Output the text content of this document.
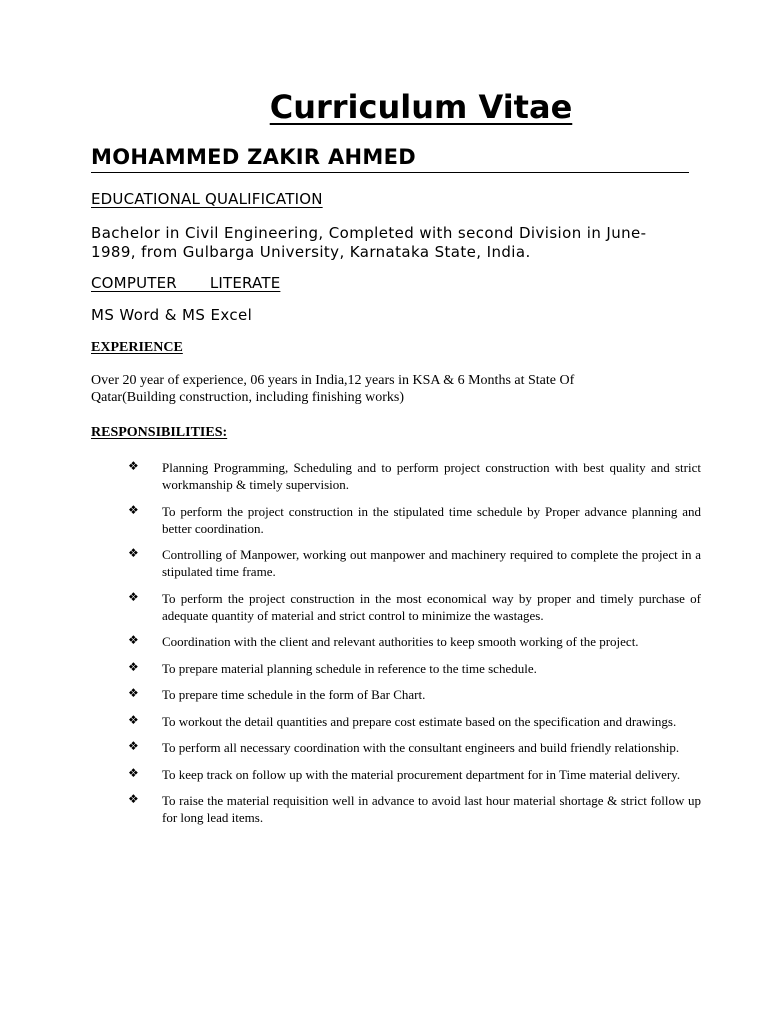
Curriculum Vitae
MOHAMMED ZAKIR AHMED
EDUCATIONAL QUALIFICATION
Bachelor in Civil Engineering, Completed with second Division in June-1989, from Gulbarga University, Karnataka State, India.
COMPUTER   LITERATE
MS Word & MS Excel
EXPERIENCE
Over 20 year of experience, 06 years in India,12 years in KSA & 6 Months at State Of Qatar(Building construction, including finishing works)
RESPONSIBILITIES:
❖ Planning Programming, Scheduling and to perform project construction with best quality and strict workmanship & timely supervision.
❖ To perform the project construction in the stipulated time schedule by Proper advance planning and better coordination.
❖ Controlling of Manpower, working out manpower and machinery required to complete the project in a stipulated time frame.
❖ To perform the project construction in the most economical way by proper and timely purchase of adequate quantity of material and strict control to minimize the wastages.
❖ Coordination with the client and relevant authorities to keep smooth working of the project.
❖ To prepare material planning schedule in reference to the time schedule.
❖ To prepare time schedule in the form of Bar Chart.
❖ To workout the detail quantities and prepare cost estimate based on the specification and drawings.
❖ To perform all necessary coordination with the consultant engineers and build friendly relationship.
❖ To keep track on follow up with the material procurement department for in Time material delivery.
❖ To raise the material requisition well in advance to avoid last hour material shortage & strict follow up for long lead items.
